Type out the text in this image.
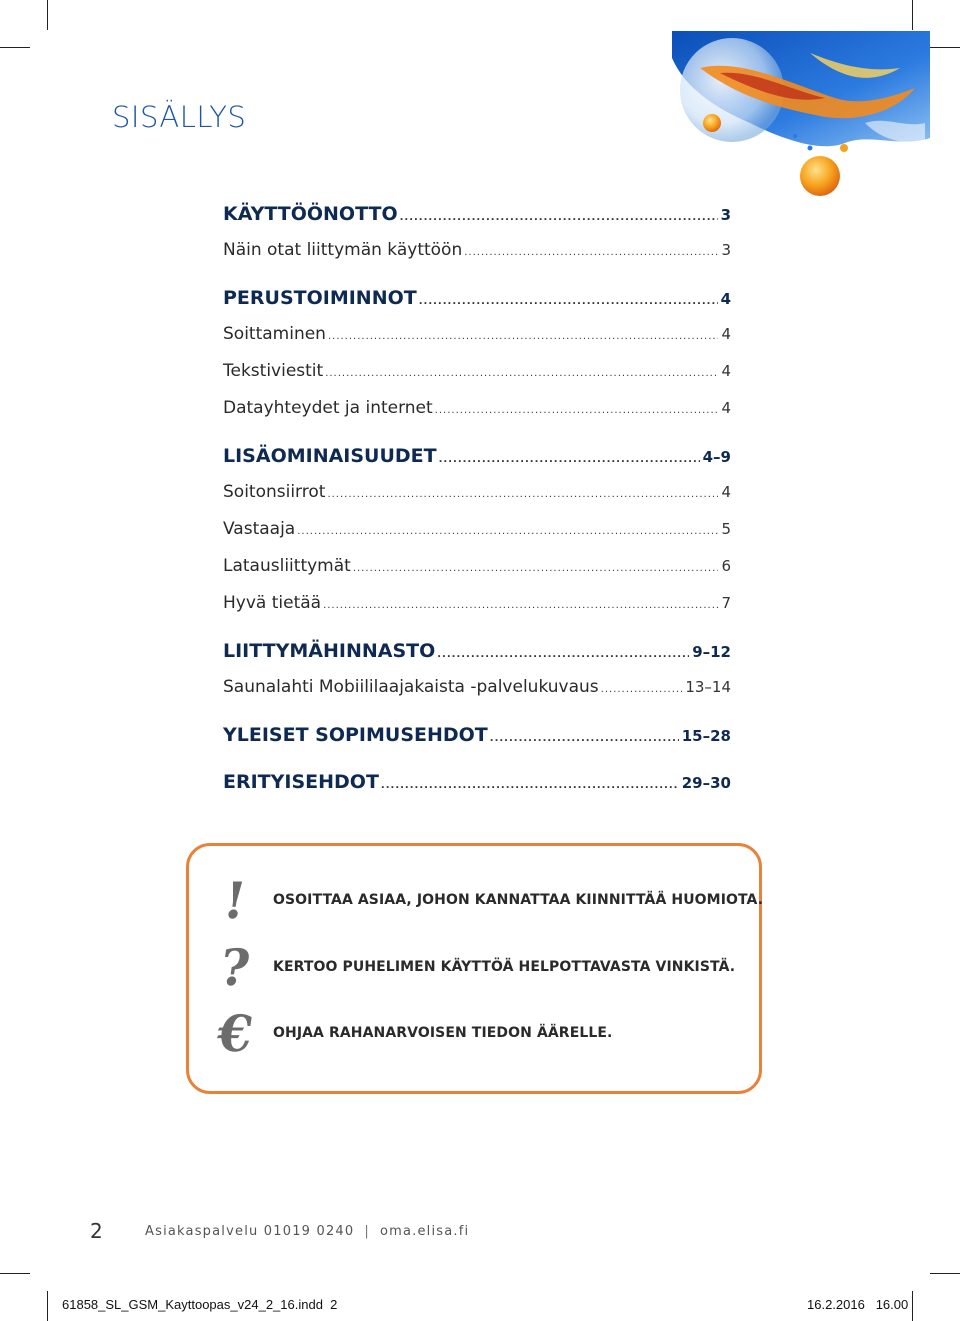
SISÄLLYS
KÄYTTÖÖNOTTO .....	3
Näin otat liittymän käyttöön .....	3
PERUSTOIMINNOT .....	4
Soittaminen .....	4
Tekstiviestit .....	4
Datayhteydet ja internet .....	4
LISÄOMINAISUUDET .....	4–9
Soitonsiirrot .....	4
Vastaaja .....	5
Latausliittymät .....	6
Hyvä tietää .....	7
LIITTYMÄHINNASTO .....	9–12
Saunalahti Mobiililaajakaista -palvelukuvaus .....	13–14
YLEISET SOPIMUSEHDOT .....	15–28
ERITYISEHDOT .....	29–30
!	OSOITTAA ASIAA, JOHON KANNATTAA KIINNITTÄÄ HUOMIOTA.
?	KERTOO PUHELIMEN KÄYTTÖÄ HELPOTTAVASTA VINKISTÄ.
€	OHJAA RAHANARVOISEN TIEDON ÄÄRELLE.
2	Asiakaspalvelu 01019 0240 | oma.elisa.fi
61858_SL_GSM_Kayttoopas_v24_2_16.indd 2	16.2.2016 16.00
